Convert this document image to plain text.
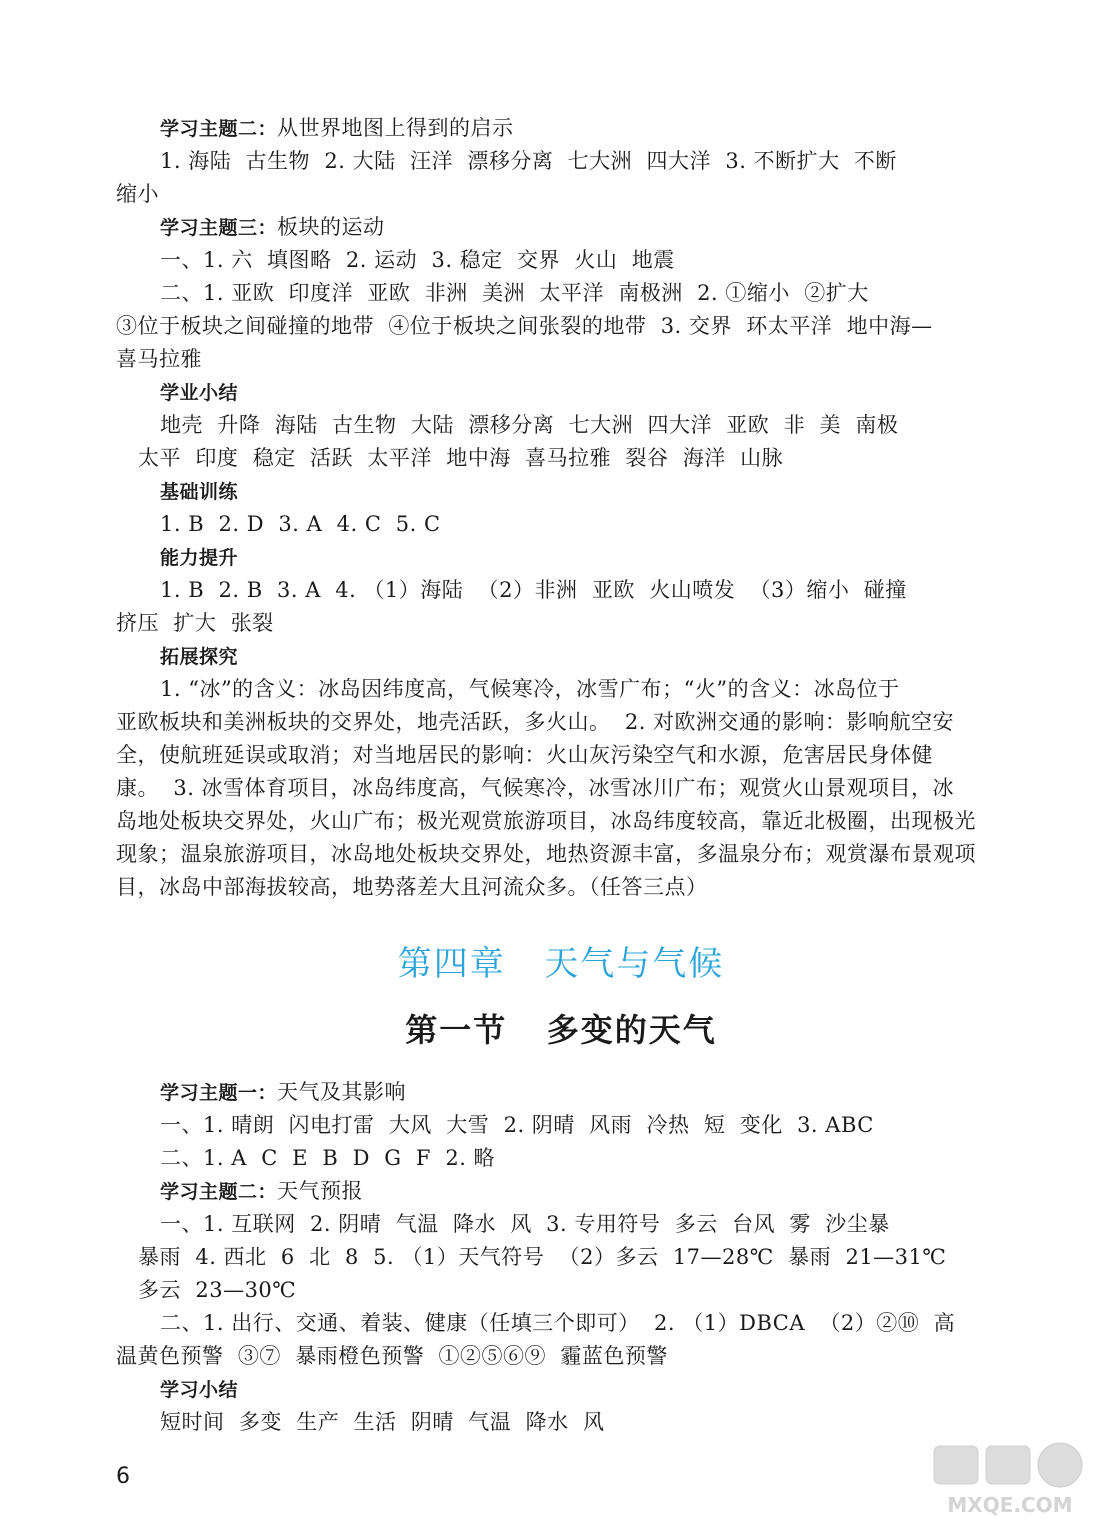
学习主题二：从世界地图上得到的启示
1. 海陆  古生物  2. 大陆  汪洋  漂移分离  七大洲  四大洋  3. 不断扩大  不断
缩小
学习主题三：板块的运动
一、1. 六  填图略  2. 运动  3. 稳定  交界  火山  地震
二、1. 亚欧  印度洋  亚欧  非洲  美洲  太平洋  南极洲  2. ①缩小  ②扩大
③位于板块之间碰撞的地带  ④位于板块之间张裂的地带  3. 交界  环太平洋  地中海—
喜马拉雅
学业小结
地壳  升降  海陆  古生物  大陆  漂移分离  七大洲  四大洋  亚欧  非  美  南极
太平  印度  稳定  活跃  太平洋  地中海  喜马拉雅  裂谷  海洋  山脉
基础训练
1. B  2. D  3. A  4. C  5. C
能力提升
1. B  2. B  3. A  4. （1）海陆  （2）非洲  亚欧  火山喷发  （3）缩小  碰撞
挤压  扩大  张裂
拓展探究
1. “冰”的含义：冰岛因纬度高，气候寒冷，冰雪广布；“火”的含义：冰岛位于
亚欧板块和美洲板块的交界处，地壳活跃，多火山。  2. 对欧洲交通的影响：影响航空安
全，使航班延误或取消；对当地居民的影响：火山灰污染空气和水源，危害居民身体健
康。  3. 冰雪体育项目，冰岛纬度高，气候寒冷，冰雪冰川广布；观赏火山景观项目，冰
岛地处板块交界处，火山广布；极光观赏旅游项目，冰岛纬度较高，靠近北极圈，出现极光
现象；温泉旅游项目，冰岛地处板块交界处，地热资源丰富，多温泉分布；观赏瀑布景观项
目，冰岛中部海拔较高，地势落差大且河流众多。（任答三点）
第四章   天气与气候
第一节   多变的天气
学习主题一：天气及其影响
一、1. 晴朗  闪电打雷  大风  大雪  2. 阴晴  风雨  冷热  短  变化  3. ABC
二、1. A  C  E  B  D  G  F  2. 略
学习主题二：天气预报
一、1. 互联网  2. 阴晴  气温  降水  风  3. 专用符号  多云  台风  雾  沙尘暴
暴雨  4. 西北  6  北  8  5. （1）天气符号  （2）多云  17—28℃  暴雨  21—31℃
多云  23—30℃
二、1. 出行、交通、着装、健康（任填三个即可）  2. （1）DBCA  （2）②⑩  高
温黄色预警  ③⑦  暴雨橙色预警  ①②⑤⑥⑨  霾蓝色预警
学习小结
短时间  多变  生产  生活  阴晴  气温  降水  风
6
MXQE.COM
